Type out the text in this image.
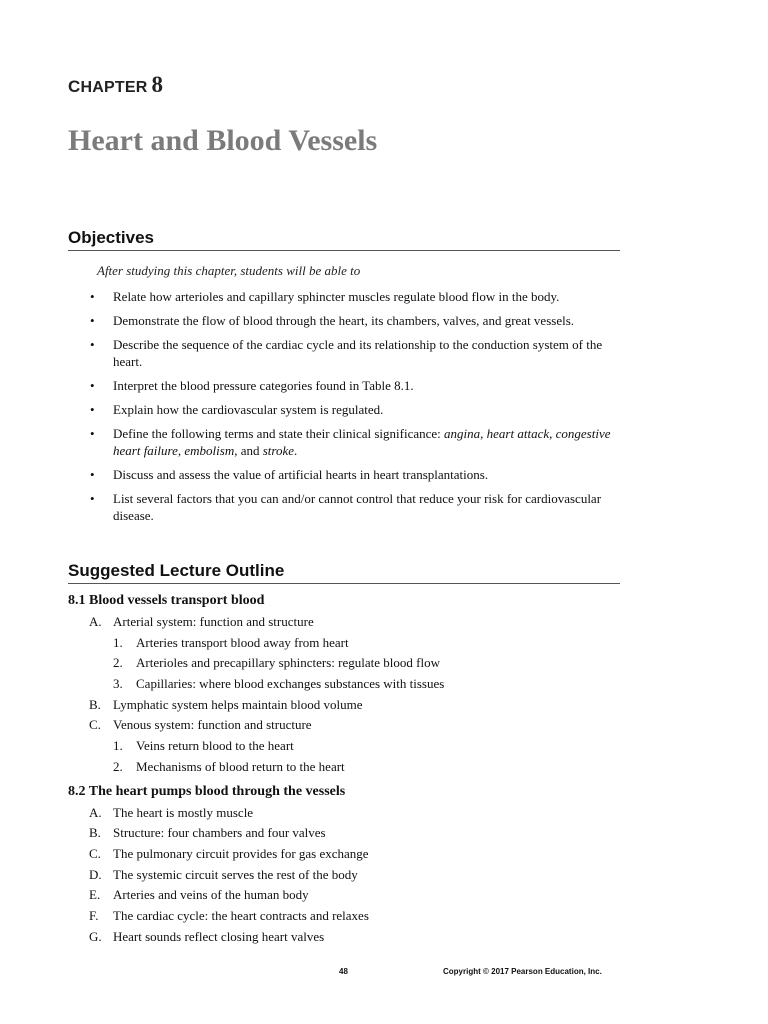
CHAPTER 8
Heart and Blood Vessels
Objectives
After studying this chapter, students will be able to
• Relate how arterioles and capillary sphincter muscles regulate blood flow in the body.
• Demonstrate the flow of blood through the heart, its chambers, valves, and great vessels.
• Describe the sequence of the cardiac cycle and its relationship to the conduction system of the heart.
• Interpret the blood pressure categories found in Table 8.1.
• Explain how the cardiovascular system is regulated.
• Define the following terms and state their clinical significance: angina, heart attack, congestive heart failure, embolism, and stroke.
• Discuss and assess the value of artificial hearts in heart transplantations.
• List several factors that you can and/or cannot control that reduce your risk for cardiovascular disease.
Suggested Lecture Outline
8.1 Blood vessels transport blood
A. Arterial system: function and structure
1. Arteries transport blood away from heart
2. Arterioles and precapillary sphincters: regulate blood flow
3. Capillaries: where blood exchanges substances with tissues
B. Lymphatic system helps maintain blood volume
C. Venous system: function and structure
1. Veins return blood to the heart
2. Mechanisms of blood return to the heart
8.2 The heart pumps blood through the vessels
A. The heart is mostly muscle
B. Structure: four chambers and four valves
C. The pulmonary circuit provides for gas exchange
D. The systemic circuit serves the rest of the body
E. Arteries and veins of the human body
F. The cardiac cycle: the heart contracts and relaxes
G. Heart sounds reflect closing heart valves
48	Copyright © 2017 Pearson Education, Inc.
